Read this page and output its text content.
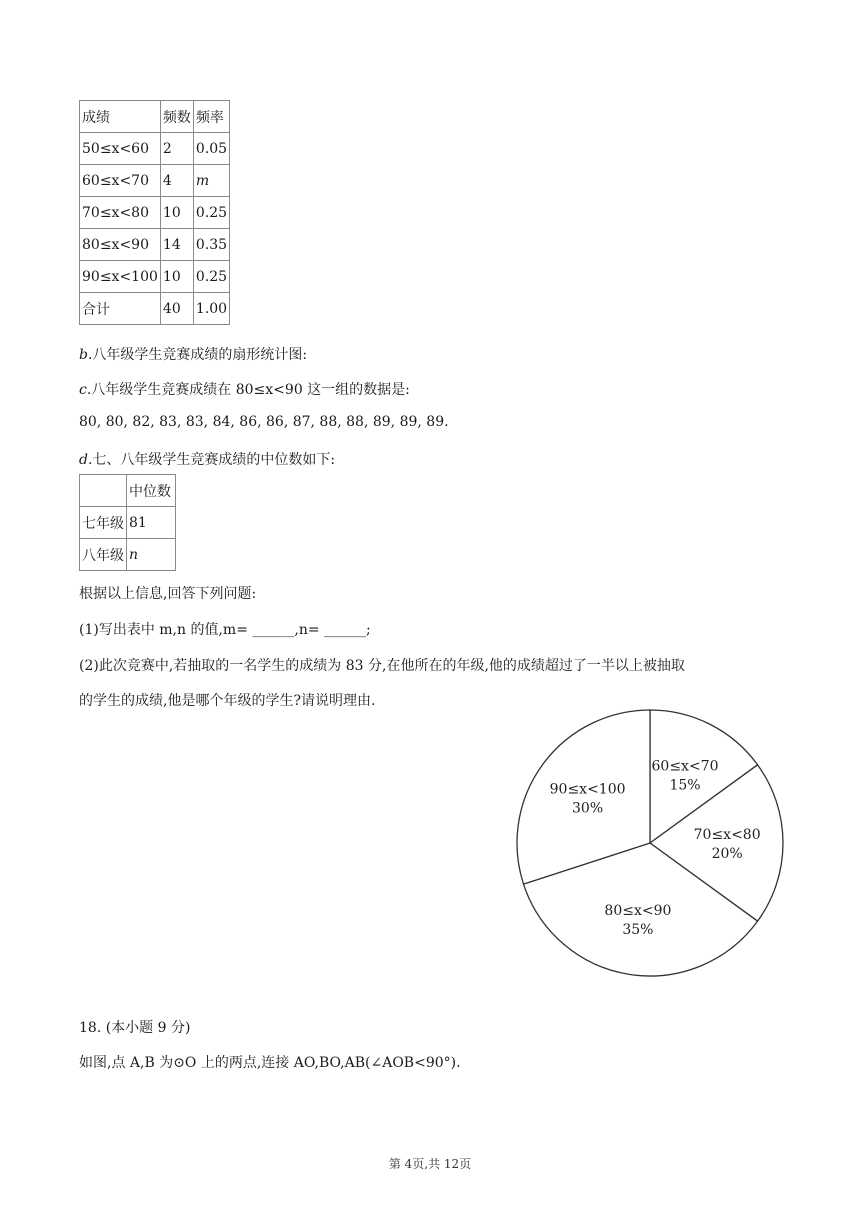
成绩	频数	频率
50≤x<60	2	0.05
60≤x<70	4	m
70≤x<80	10	0.25
80≤x<90	14	0.35
90≤x<100	10	0.25
合计	40	1.00
b.八年级学生竞赛成绩的扇形统计图:
c.八年级学生竞赛成绩在 80≤x<90 这一组的数据是:
80, 80, 82, 83, 83, 84, 86, 86, 87, 88, 88, 89, 89, 89.
d.七、八年级学生竞赛成绩的中位数如下:
	中位数
七年级	81
八年级	n
根据以上信息,回答下列问题:
(1)写出表中 m,n 的值,m= ______,n= ______;
(2)此次竞赛中,若抽取的一名学生的成绩为 83 分,在他所在的年级,他的成绩超过了一半以上被抽取
的学生的成绩,他是哪个年级的学生?请说明理由.
60≤x<70
15%
70≤x<80
20%
80≤x<90
35%
90≤x<100
30%
18. (本小题 9 分)
如图,点 A,B 为⊙O 上的两点,连接 AO,BO,AB(∠AOB<90°).
第 4页,共 12页
